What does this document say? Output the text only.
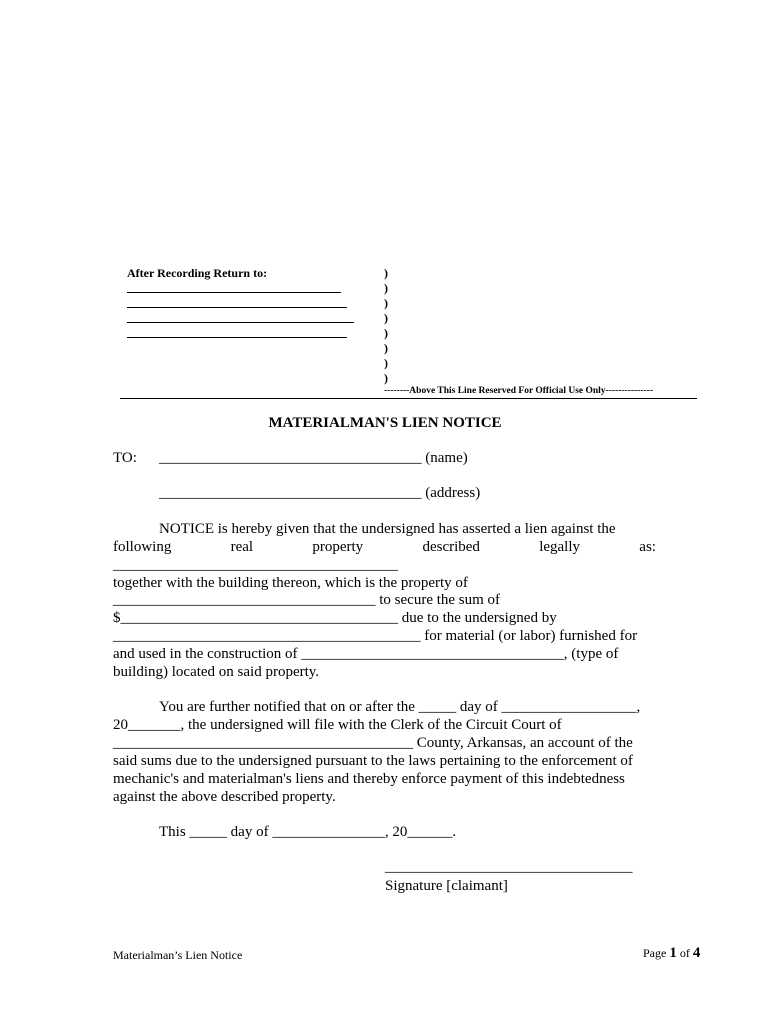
After Recording Return to:	)
)
)
)
)
)
)
)
--------Above This Line Reserved For Official Use Only---------------
MATERIALMAN'S LIEN NOTICE
TO: ___________________________________ (name)
___________________________________ (address)
NOTICE is hereby given that the undersigned has asserted a lien against the
following	real	property	described	legally	as:
______________________________________
together with the building thereon, which is the property of
___________________________________ to secure the sum of
$_____________________________________ due to the undersigned by
_________________________________________ for material (or labor) furnished for
and used in the construction of ___________________________________, (type of
building) located on said property.
You are further notified that on or after the _____ day of __________________,
20_______, the undersigned will file with the Clerk of the Circuit Court of
________________________________________ County, Arkansas, an account of the
said sums due to the undersigned pursuant to the laws pertaining to the enforcement of
mechanic's and materialman's liens and thereby enforce payment of this indebtedness
against the above described property.
This _____ day of _______________, 20______.
_________________________________
Signature [claimant]
Materialman’s Lien Notice	Page 1 of 4
